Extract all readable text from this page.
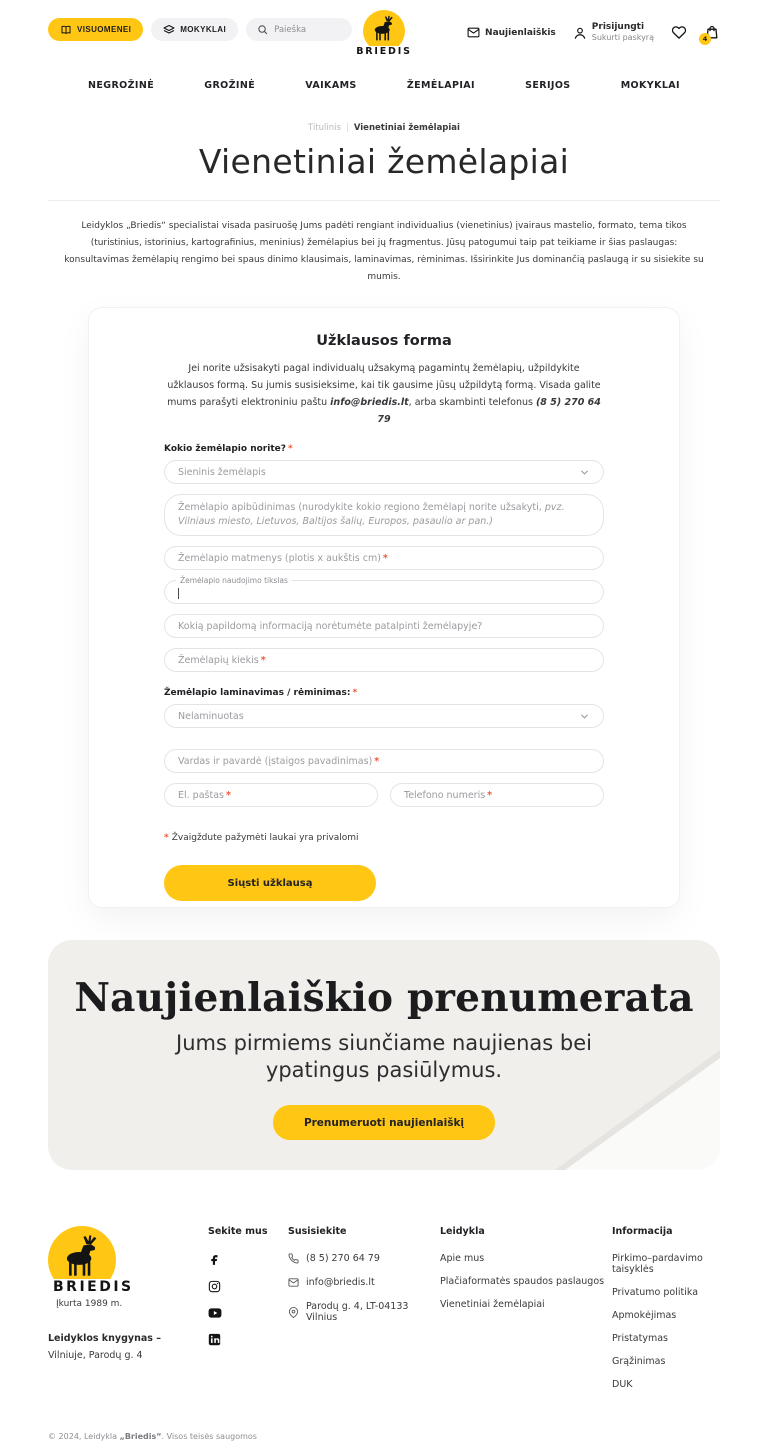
VISUOMENEI	MOKYKLAI	Paieška
BRIEDIS
Naujienlaiškis
Prisijungti
Sukurti paskyrą	4
NEGROŽINĖ	GROŽINĖ	VAIKAMS	ŽEMĖLAPIAI	SERIJOS	MOKYKLAI
Titulinis | Vienetiniai žemėlapiai
Vienetiniai žemėlapiai

Leidyklos „Briedis“ specialistai visada pasiruošę Jums padėti rengiant individualius (vienetinius) įvairaus mastelio, formato, tema tikos (turistinius, istorinius, kartografinius, meninius) žemėlapius bei jų fragmentus. Jūsų patogumui taip pat teikiame ir šias paslaugas: konsultavimas žemėlapių rengimo bei spaus dinimo klausimais, laminavimas, rėminimas. Išsirinkite Jus dominančią paslaugą ir su sisiekite su mumis.

Užklausos forma

Jei norite užsisakyti pagal individualų užsakymą pagamintų žemėlapių, užpildykite užklausos formą. Su jumis susisieksime, kai tik gausime jūsų užpildytą formą. Visada galite mums parašyti elektroniniu paštu info@briedis.lt, arba skambinti telefonus (8 5) 270 64 79

Kokio žemėlapio norite? *
Sieninis žemėlapis
Žemėlapio apibūdinimas (nurodykite kokio regiono žemėlapį norite užsakyti, pvz. Vilniaus miesto, Lietuvos, Baltijos šalių, Europos, pasaulio ar pan.)
Žemėlapio matmenys (plotis x aukštis cm) *
Žemėlapio naudojimo tikslas
Kokią papildomą informaciją norėtumėte patalpinti žemėlapyje?
Žemėlapių kiekis *
Žemėlapio laminavimas / rėminimas: *
Nelaminuotas
Vardas ir pavardė (įstaigos pavadinimas) *
El. paštas *	Telefono numeris *

* Žvaigždute pažymėti laukai yra privalomi

Siųsti užklausą
Naujienlaiškio prenumerata

Jums pirmiems siunčiame naujienas bei ypatingus pasiūlymus.

Prenumeruoti naujienlaiškį
BRIEDIS
Įkurta 1989 m.
Leidyklos knygynas –
Vilniuje, Parodų g. 4
Sekite mus	Susisiekite
(8 5) 270 64 79
info@briedis.lt
Parodų g. 4, LT-04133 Vilnius
Leidykla
Apie mus
Plačiaformatės spaudos paslaugos
Vienetiniai žemėlapiai
Informacija
Pirkimo–pardavimo taisyklės
Privatumo politika
Apmokėjimas
Pristatymas
Grąžinimas
DUK
© 2024, Leidykla „Briedis“. Visos teisės saugomos
